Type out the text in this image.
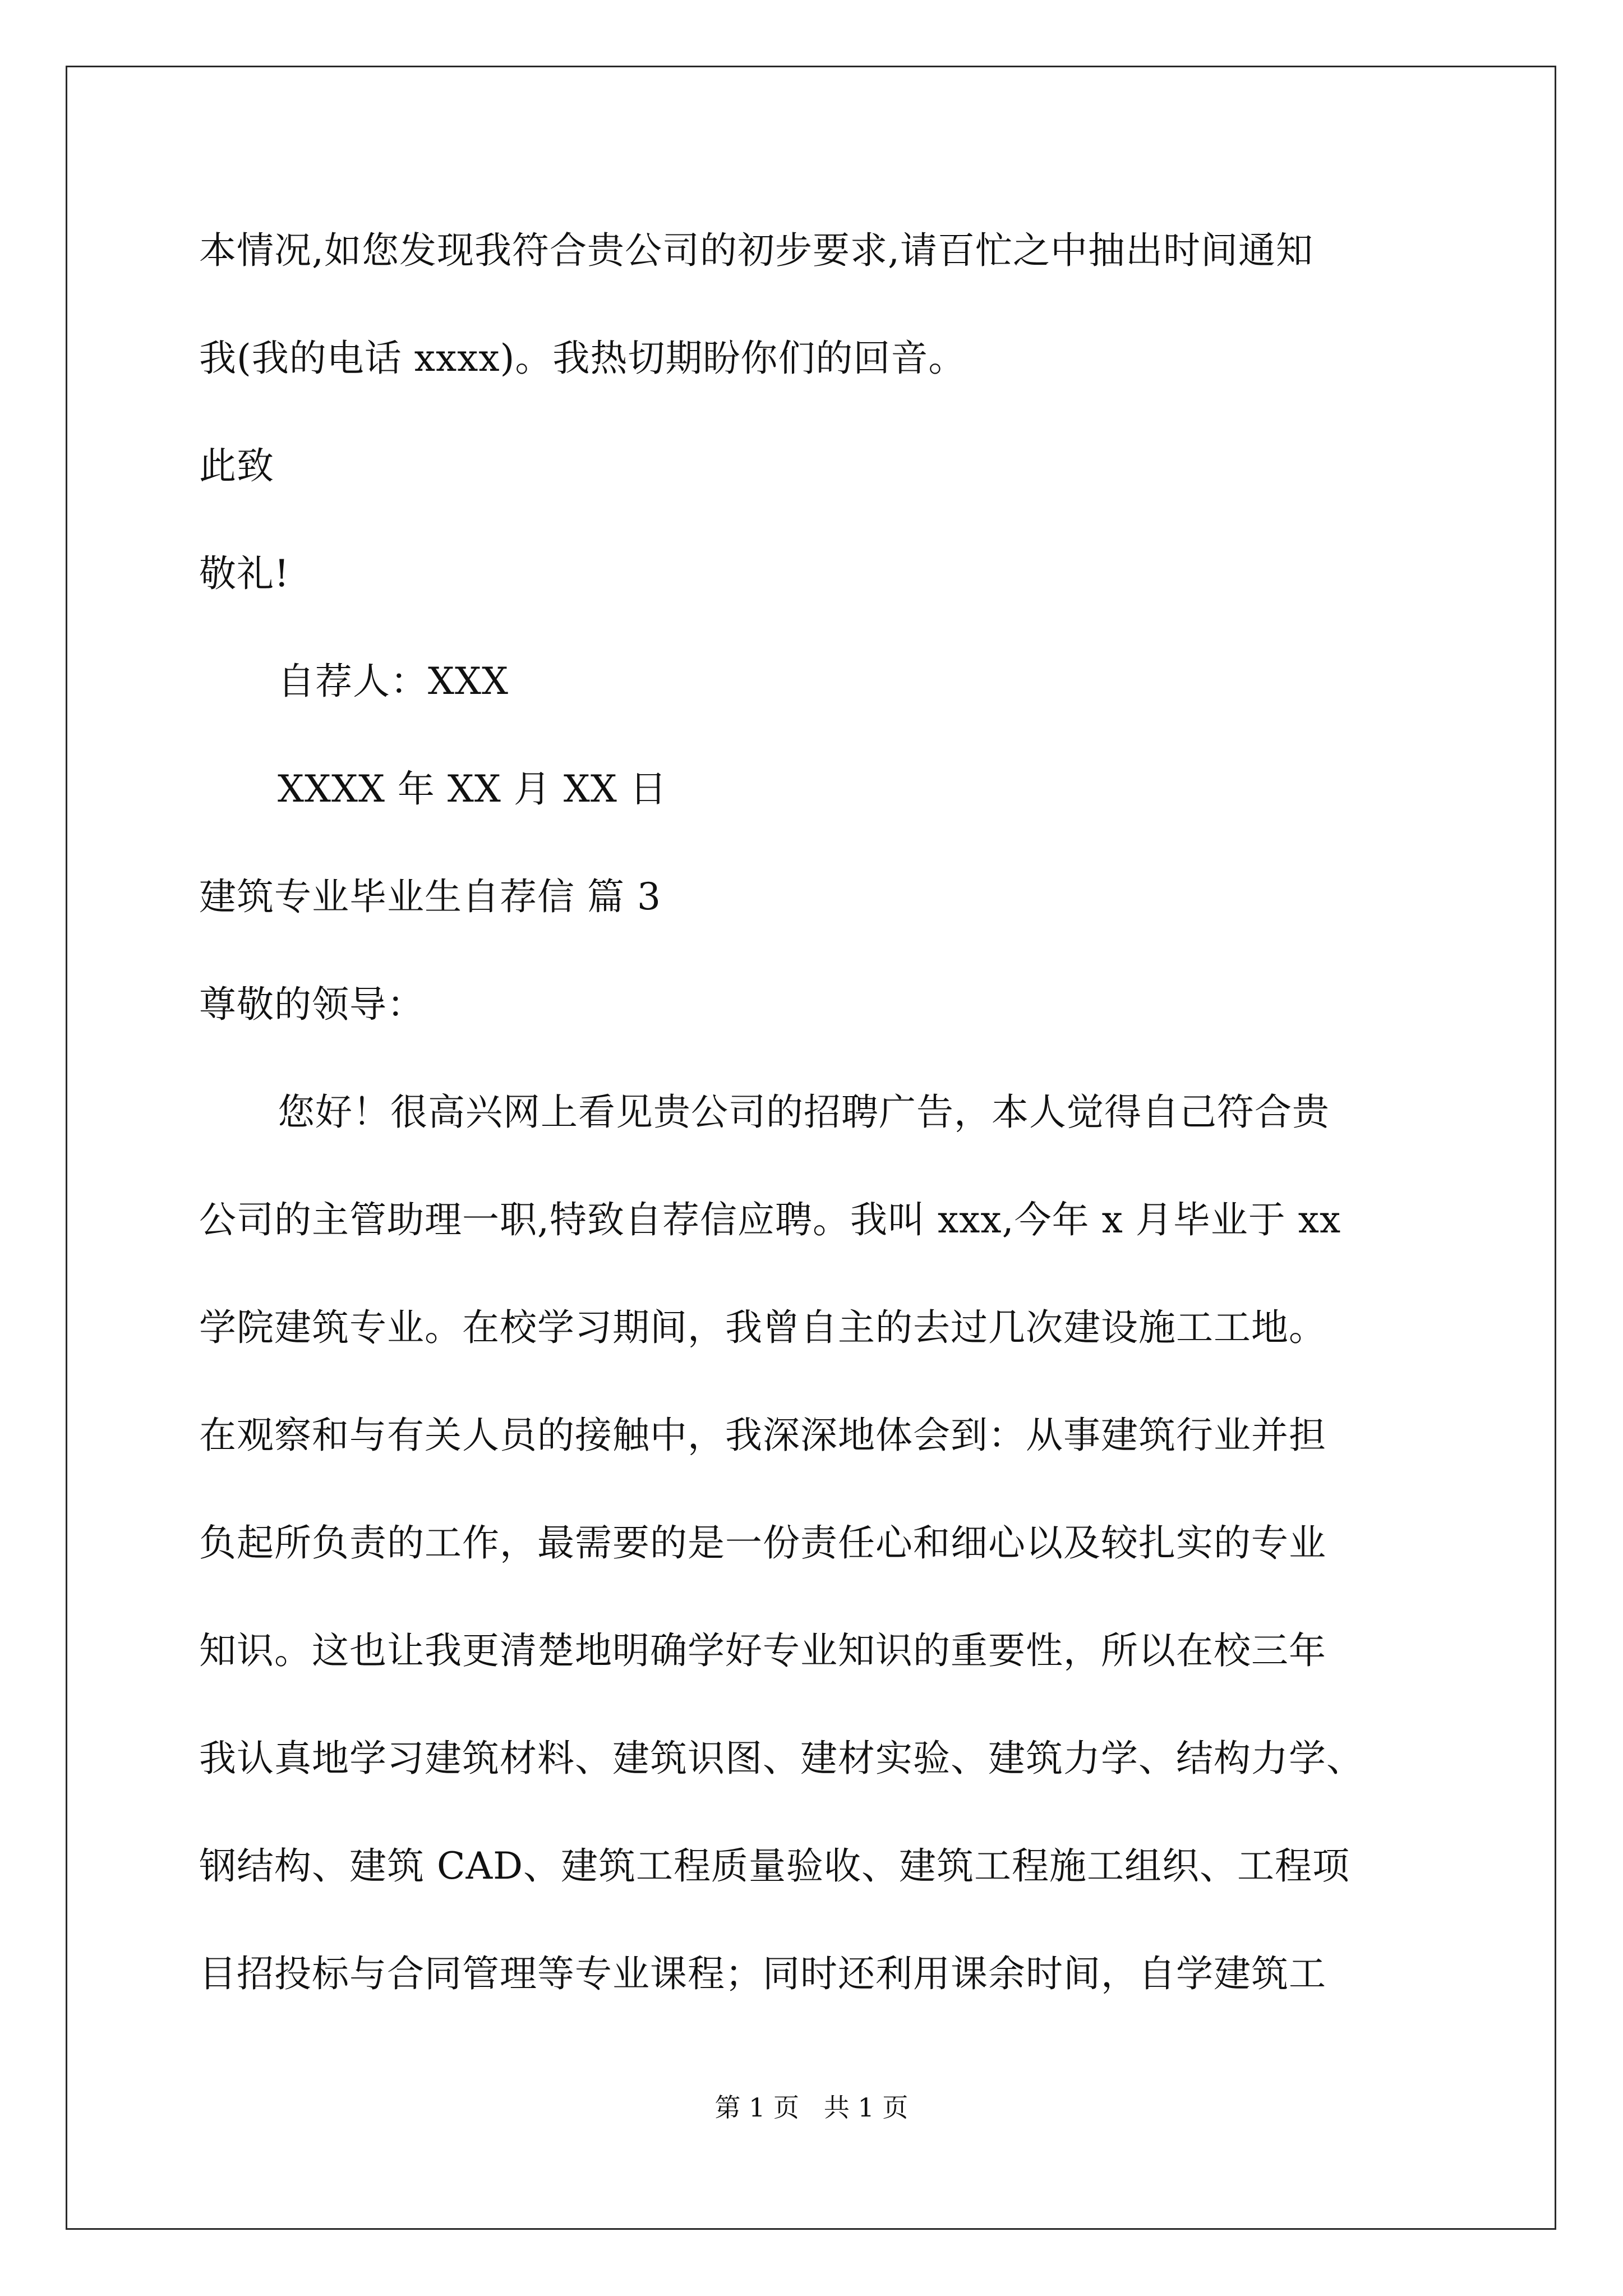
本情况,如您发现我符合贵公司的初步要求,请百忙之中抽出时间通知
我(我的电话 xxxx)。我热切期盼你们的回音。
此致
敬礼!
自荐人：XXX
XXXX 年 XX 月 XX 日
建筑专业毕业生自荐信 篇 3
尊敬的领导：
您好！很高兴网上看见贵公司的招聘广告，本人觉得自己符合贵
公司的主管助理一职,特致自荐信应聘。我叫 xxx,今年 x 月毕业于 xx
学院建筑专业。在校学习期间，我曾自主的去过几次建设施工工地。
在观察和与有关人员的接触中，我深深地体会到：从事建筑行业并担
负起所负责的工作，最需要的是一份责任心和细心以及较扎实的专业
知识。这也让我更清楚地明确学好专业知识的重要性，所以在校三年
我认真地学习建筑材料、建筑识图、建材实验、建筑力学、结构力学、
钢结构、建筑 CAD、建筑工程质量验收、建筑工程施工组织、工程项
目招投标与合同管理等专业课程；同时还利用课余时间，自学建筑工
第 1 页   共 1 页
